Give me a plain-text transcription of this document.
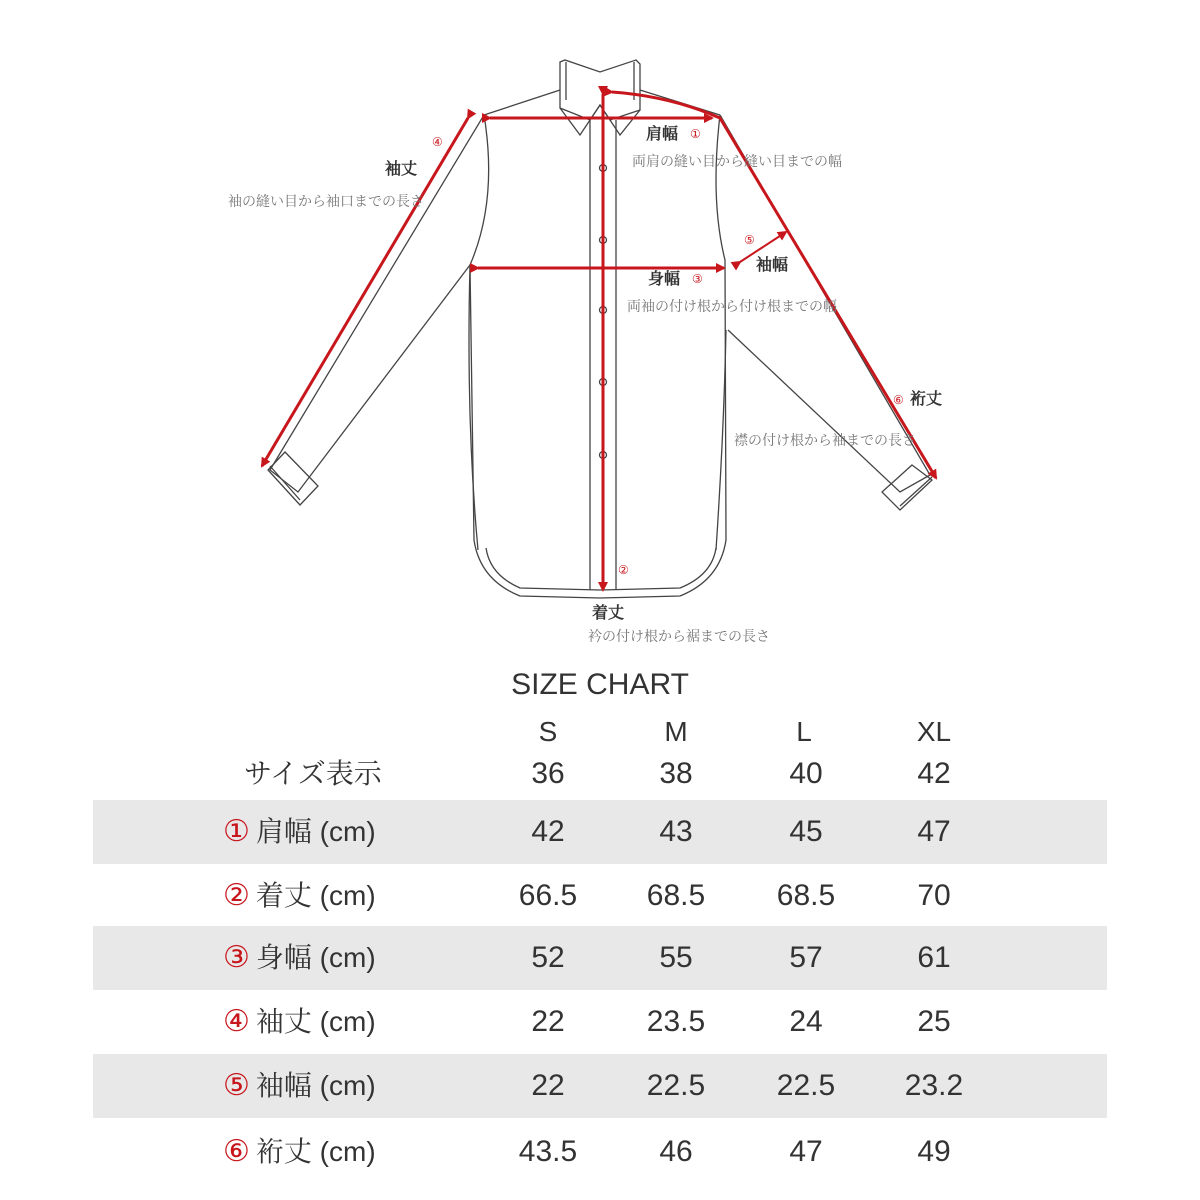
肩幅 ①
両肩の縫い目から縫い目までの幅
④
袖丈
袖の縫い目から袖口までの長さ
⑤
袖幅
身幅 ③
両袖の付け根から付け根までの幅
⑥ 裄丈
襟の付け根から袖までの長さ
②
着丈
衿の付け根から裾までの長さ
SIZE CHART
S	M	L	XL
サイズ表示	36	38	40	42
① 肩幅 (cm)	42	43	45	47
② 着丈 (cm)	66.5	68.5	68.5	70
③ 身幅 (cm)	52	55	57	61
④ 袖丈 (cm)	22	23.5	24	25
⑤ 袖幅 (cm)	22	22.5	22.5	23.2
⑥ 裄丈 (cm)	43.5	46	47	49
